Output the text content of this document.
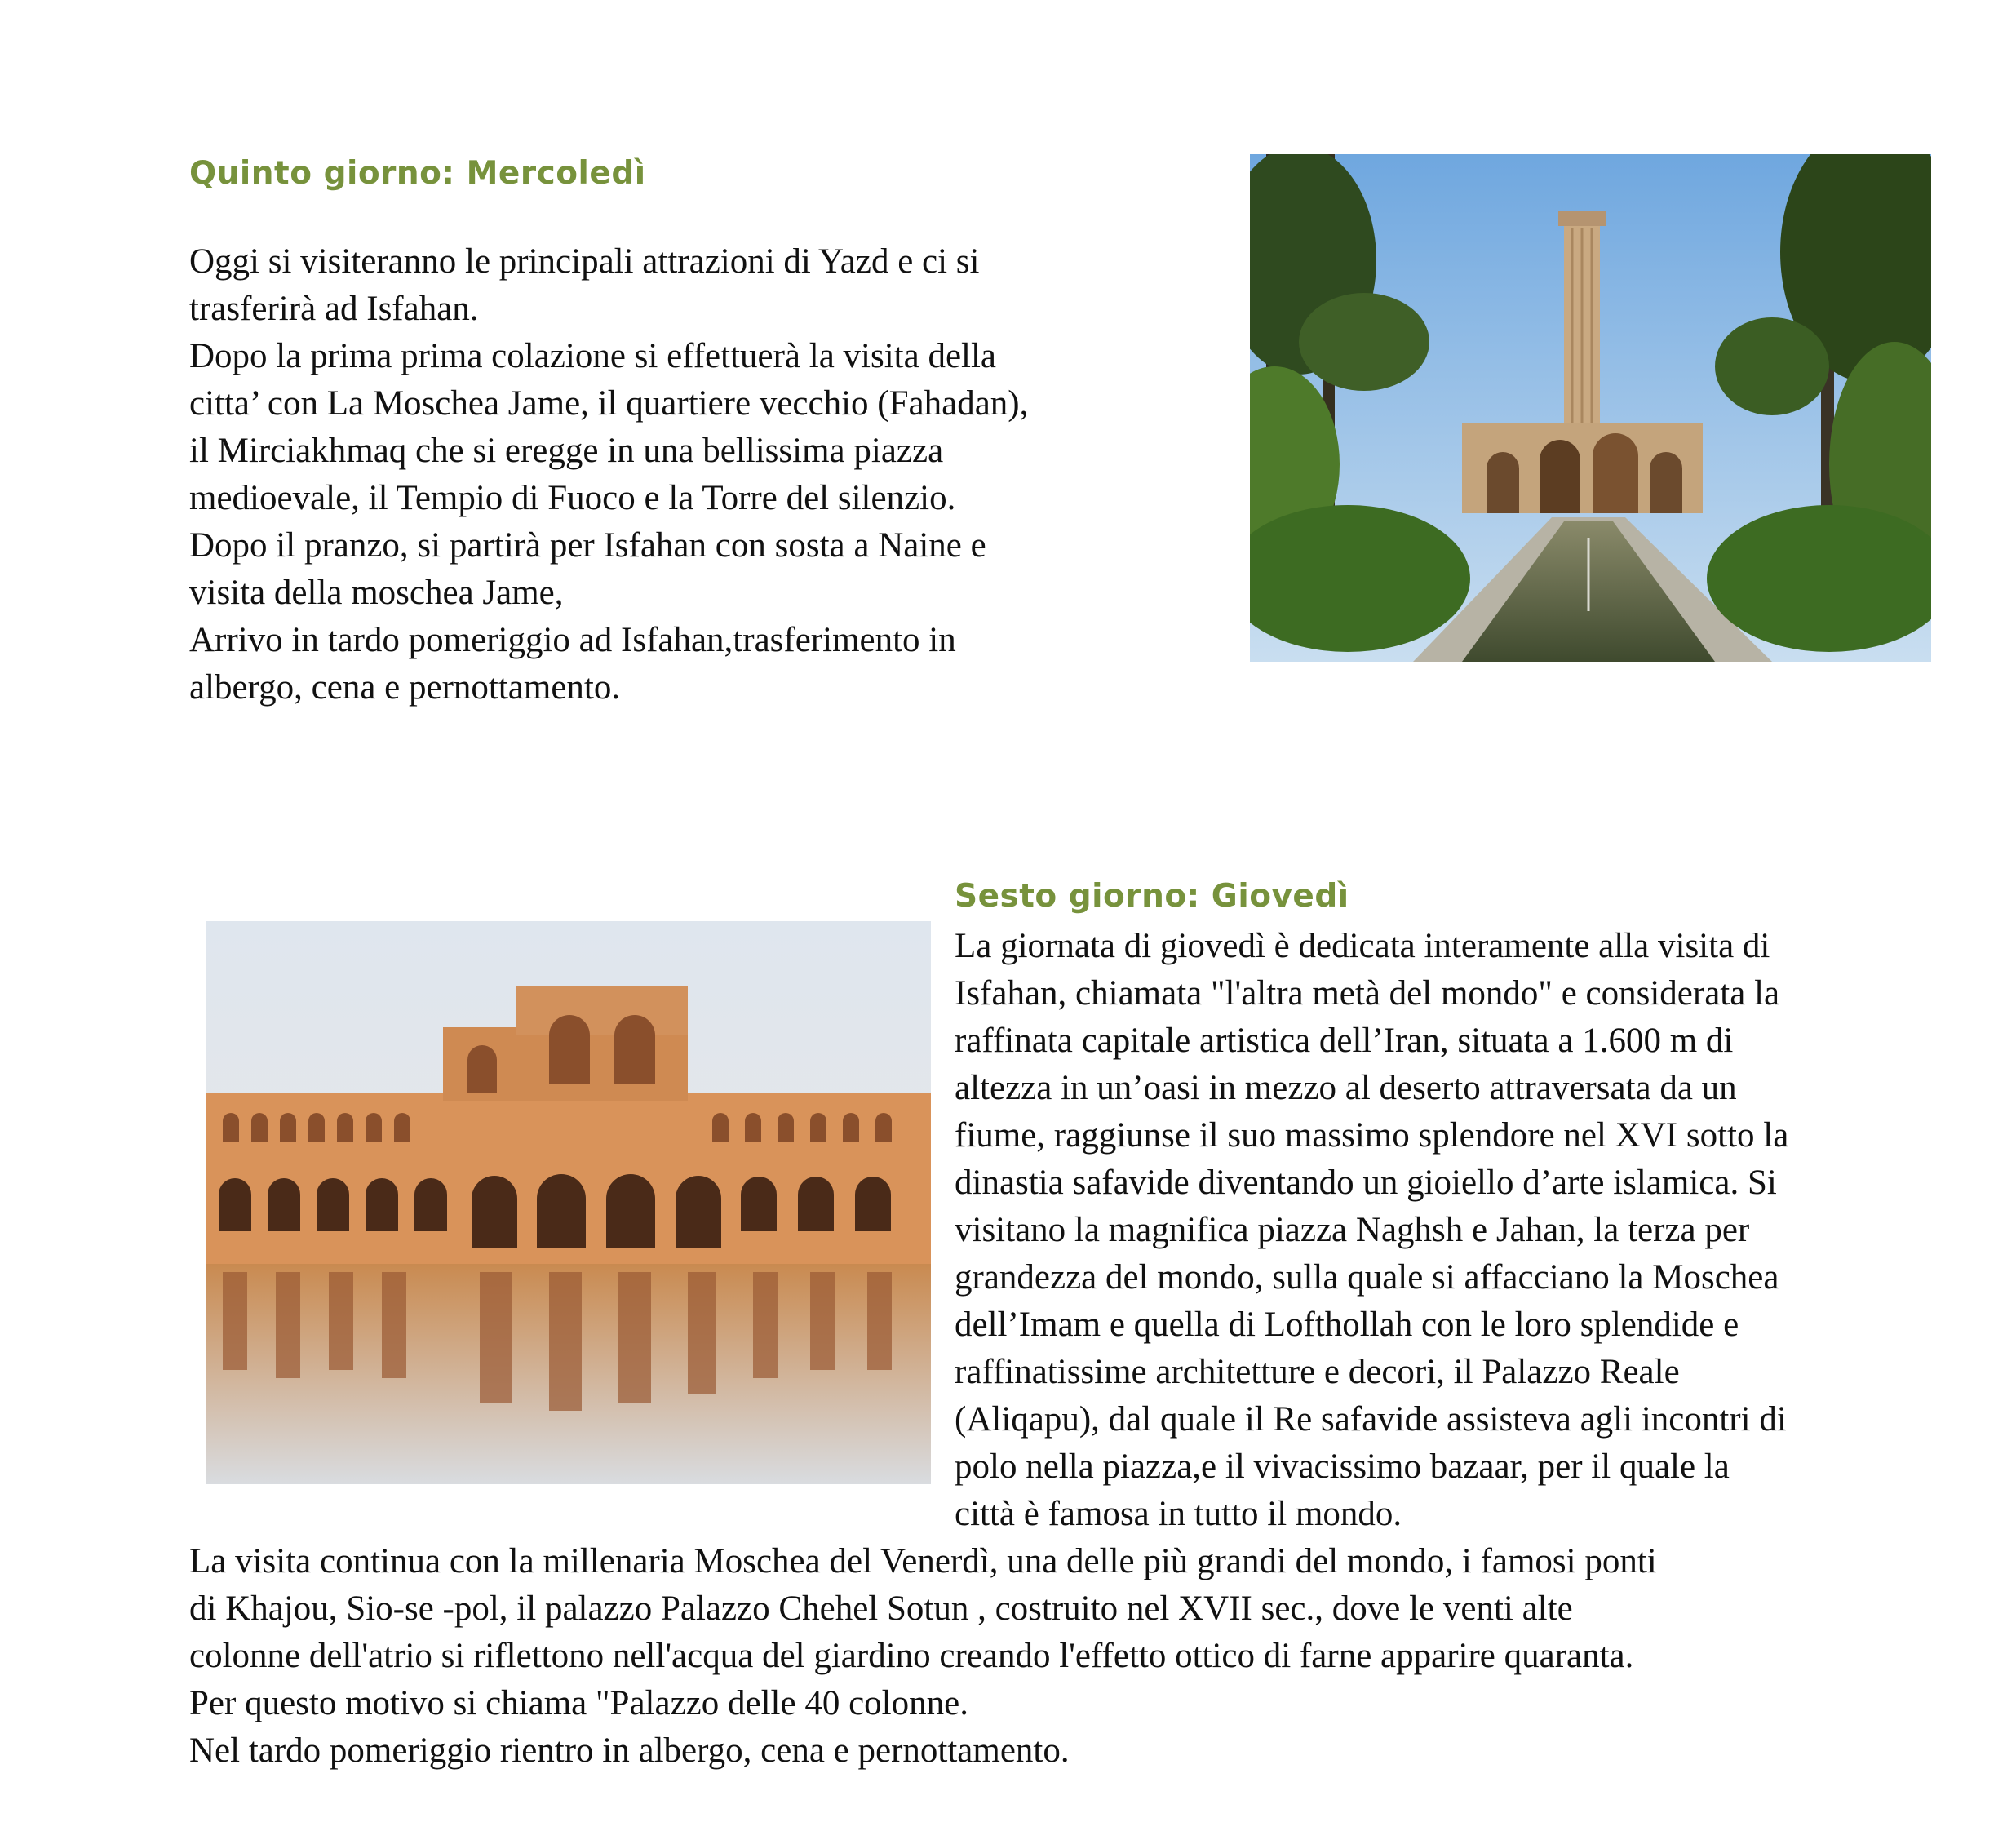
Quinto giorno: Mercoledì
Oggi si visiteranno le principali attrazioni di Yazd e ci si
trasferirà ad Isfahan.
Dopo la prima prima colazione si effettuerà la visita della
citta’ con La Moschea Jame, il quartiere vecchio (Fahadan),
il Mirciakhmaq che si eregge in una bellissima piazza
medioevale, il Tempio di Fuoco e la Torre del silenzio.
Dopo il pranzo, si partirà per Isfahan con sosta a Naine e
visita della moschea Jame,
Arrivo in tardo pomeriggio ad Isfahan,trasferimento in
albergo, cena e pernottamento.
Sesto giorno: Giovedì
La giornata di giovedì è dedicata interamente alla visita di
Isfahan, chiamata "l'altra metà del mondo" e considerata la
raffinata capitale artistica dell’Iran, situata a 1.600 m di
altezza in un’oasi in mezzo al deserto attraversata da un
fiume, raggiunse il suo massimo splendore nel XVI sotto la
dinastia safavide diventando un gioiello d’arte islamica. Si
visitano la magnifica piazza Naghsh e Jahan, la terza per
grandezza del mondo, sulla quale si affacciano la Moschea
dell’Imam e quella di Lofthollah con le loro splendide e
raffinatissime architetture e decori, il Palazzo Reale
(Aliqapu), dal quale il Re safavide assisteva agli incontri di
polo nella piazza,e il vivacissimo bazaar, per il quale la
città è famosa in tutto il mondo.
La visita continua con la millenaria Moschea del Venerdì, una delle più grandi del mondo, i famosi ponti
di Khajou, Sio-se -pol, il palazzo Palazzo Chehel Sotun , costruito nel XVII sec., dove le venti alte
colonne dell'atrio si riflettono nell'acqua del giardino creando l'effetto ottico di farne apparire quaranta.
Per questo motivo si chiama "Palazzo delle 40 colonne.
Nel tardo pomeriggio rientro in albergo, cena e pernottamento.
